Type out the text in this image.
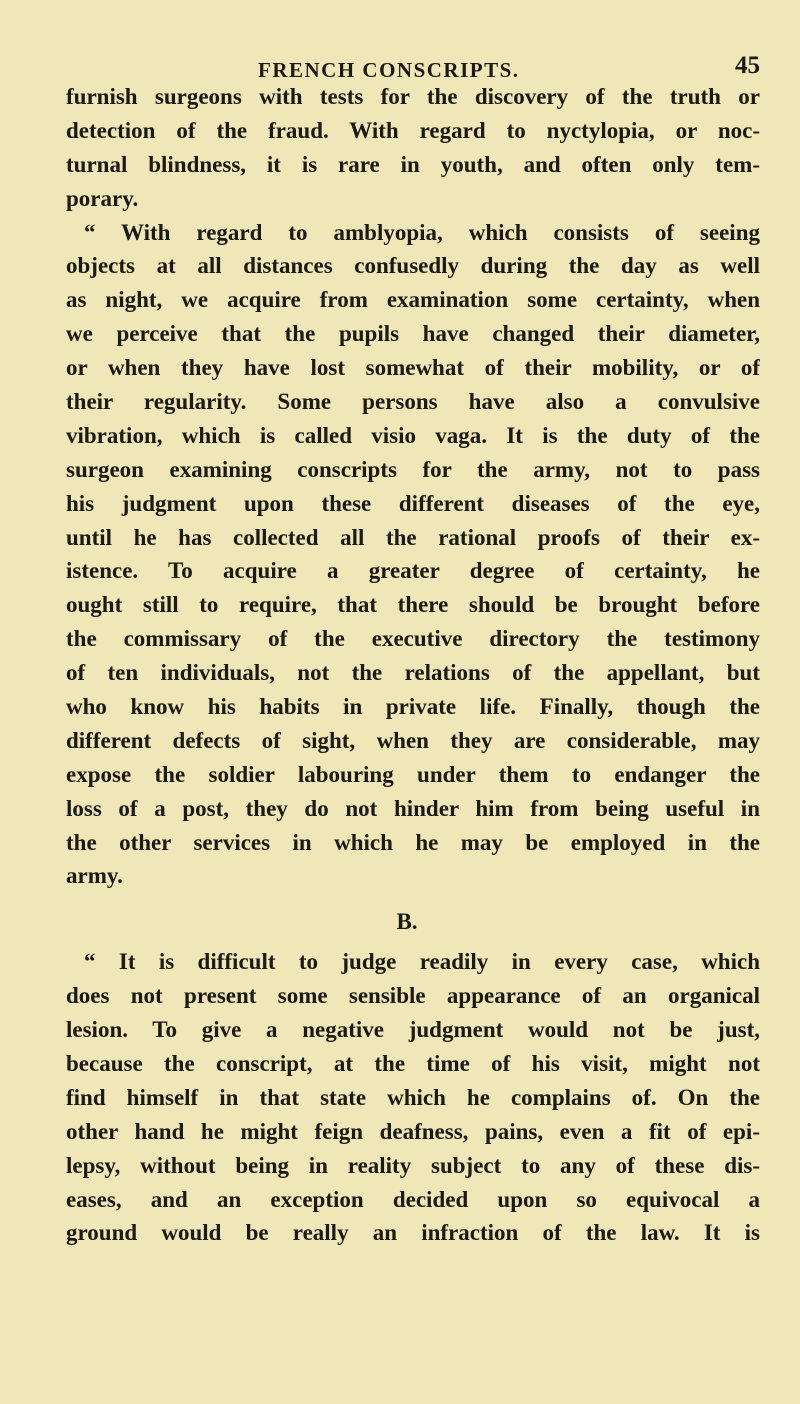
FRENCH CONSCRIPTS.	45
furnish surgeons with tests for the discovery of the truth or
detection of the fraud. With regard to nyctylopia, or noc-
turnal blindness, it is rare in youth, and often only tem-
porary.
“ With regard to amblyopia, which consists of seeing
objects at all distances confusedly during the day as well
as night, we acquire from examination some certainty, when
we perceive that the pupils have changed their diameter,
or when they have lost somewhat of their mobility, or of
their regularity. Some persons have also a convulsive
vibration, which is called visio vaga. It is the duty of the
surgeon examining conscripts for the army, not to pass
his judgment upon these different diseases of the eye,
until he has collected all the rational proofs of their ex-
istence. To acquire a greater degree of certainty, he
ought still to require, that there should be brought before
the commissary of the executive directory the testimony
of ten individuals, not the relations of the appellant, but
who know his habits in private life. Finally, though the
different defects of sight, when they are considerable, may
expose the soldier labouring under them to endanger the
loss of a post, they do not hinder him from being useful in
the other services in which he may be employed in the
army.
B.
“ It is difficult to judge readily in every case, which
does not present some sensible appearance of an organical
lesion. To give a negative judgment would not be just,
because the conscript, at the time of his visit, might not
find himself in that state which he complains of. On the
other hand he might feign deafness, pains, even a fit of epi-
lepsy, without being in reality subject to any of these dis-
eases, and an exception decided upon so equivocal a
ground would be really an infraction of the law. It is
